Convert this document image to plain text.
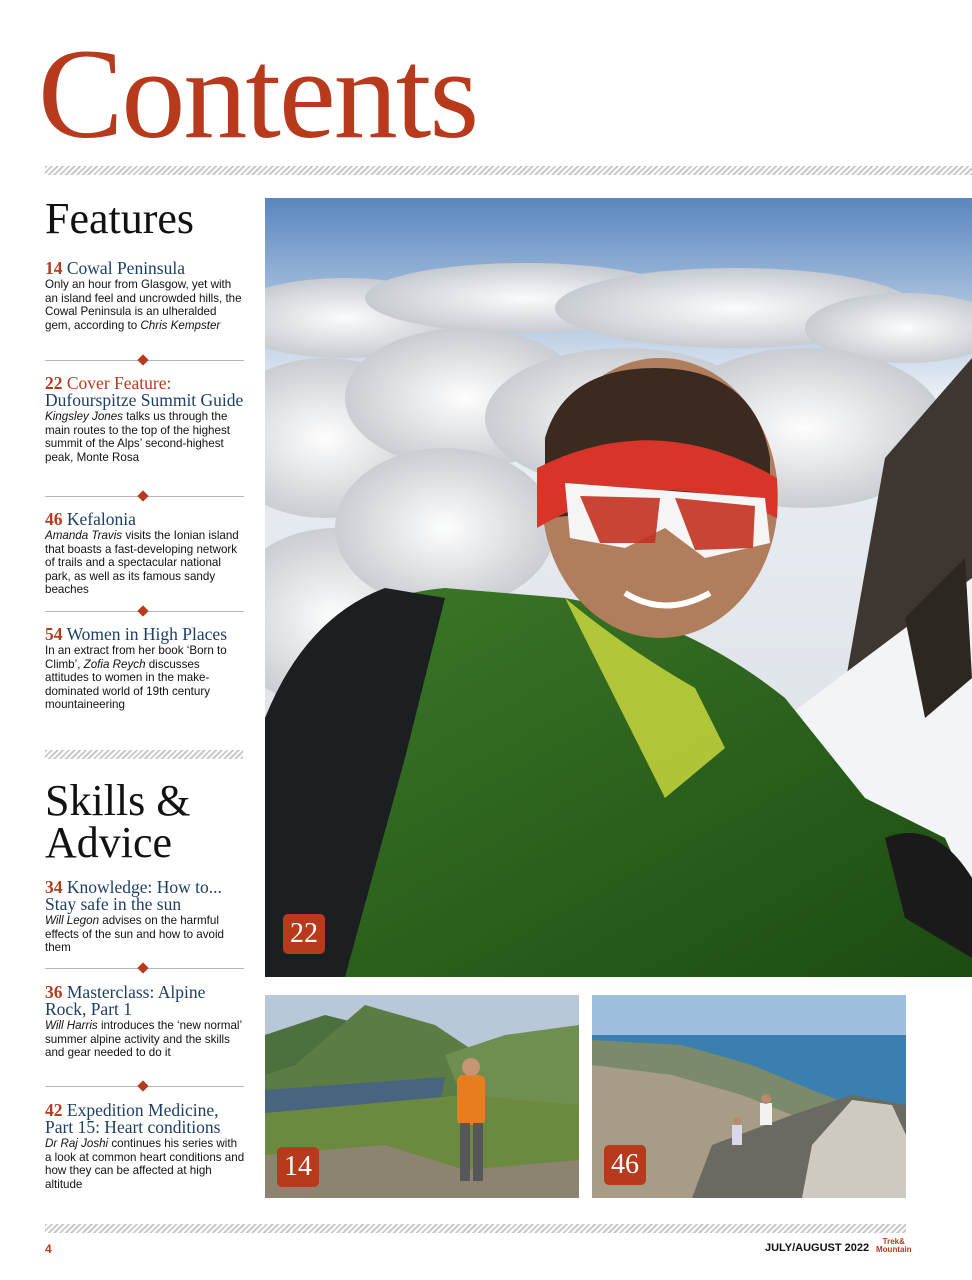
Contents
Features
14 Cowal Peninsula
Only an hour from Glasgow, yet with an island feel and uncrowded hills, the Cowal Peninsula is an ulheralded gem, according to Chris Kempster
22 Cover Feature: Dufourspitze Summit Guide
Kingsley Jones talks us through the main routes to the top of the highest summit of the Alps’ second-highest peak, Monte Rosa
46 Kefalonia
Amanda Travis visits the Ionian island that boasts a fast-developing network of trails and a spectacular national park, as well as its famous sandy beaches
54 Women in High Places
In an extract from her book ‘Born to Climb’, Zofia Reych discusses attitudes to women in the make-dominated world of 19th century mountaineering
Skills &
Advice
34 Knowledge: How to... Stay safe in the sun
Will Legon advises on the harmful effects of the sun and how to avoid them
36 Masterclass: Alpine Rock, Part 1
Will Harris introduces the ‘new normal’ summer alpine activity and the skills and gear needed to do it
42 Expedition Medicine, Part 15: Heart conditions
Dr Raj Joshi continues his series with a look at common heart conditions and how they can be affected at high altitude
22
14	46
4	JULY/AUGUST 2022
Trek&
Mountain
